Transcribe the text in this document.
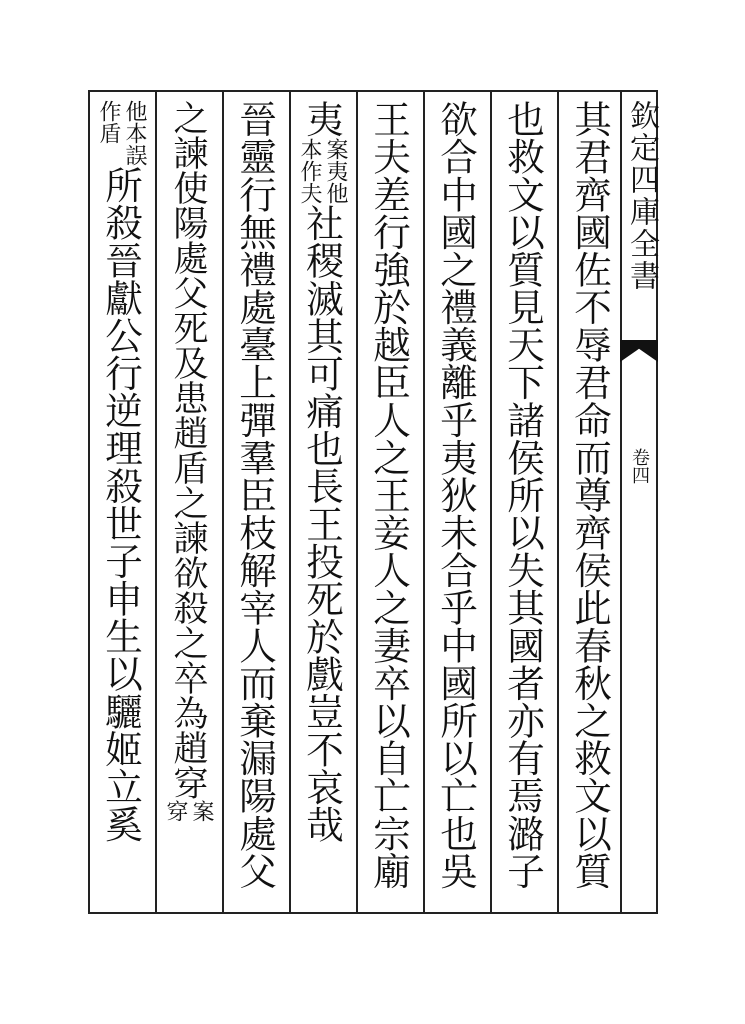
欽定四庫全書
卷四
其君齊國佐不辱君命而尊齊侯此春秋之救文以質
也救文以質見天下諸侯所以失其國者亦有焉潞子
欲合中國之禮義離乎夷狄未合乎中國所以亡也吳
王夫差行強於越臣人之王妾人之妻卒以自亡宗廟
夷
案夷他
本作夫
社稷滅其可痛也長王投死於戲豈不哀哉
晉靈行無禮處臺上彈羣臣枝解宰人而棄漏陽處父
之諫使陽處父死及患趙盾之諫欲殺之卒為趙穿
案
穿
他本誤
作盾
所殺晉獻公行逆理殺世子申生以驪姬立奚
